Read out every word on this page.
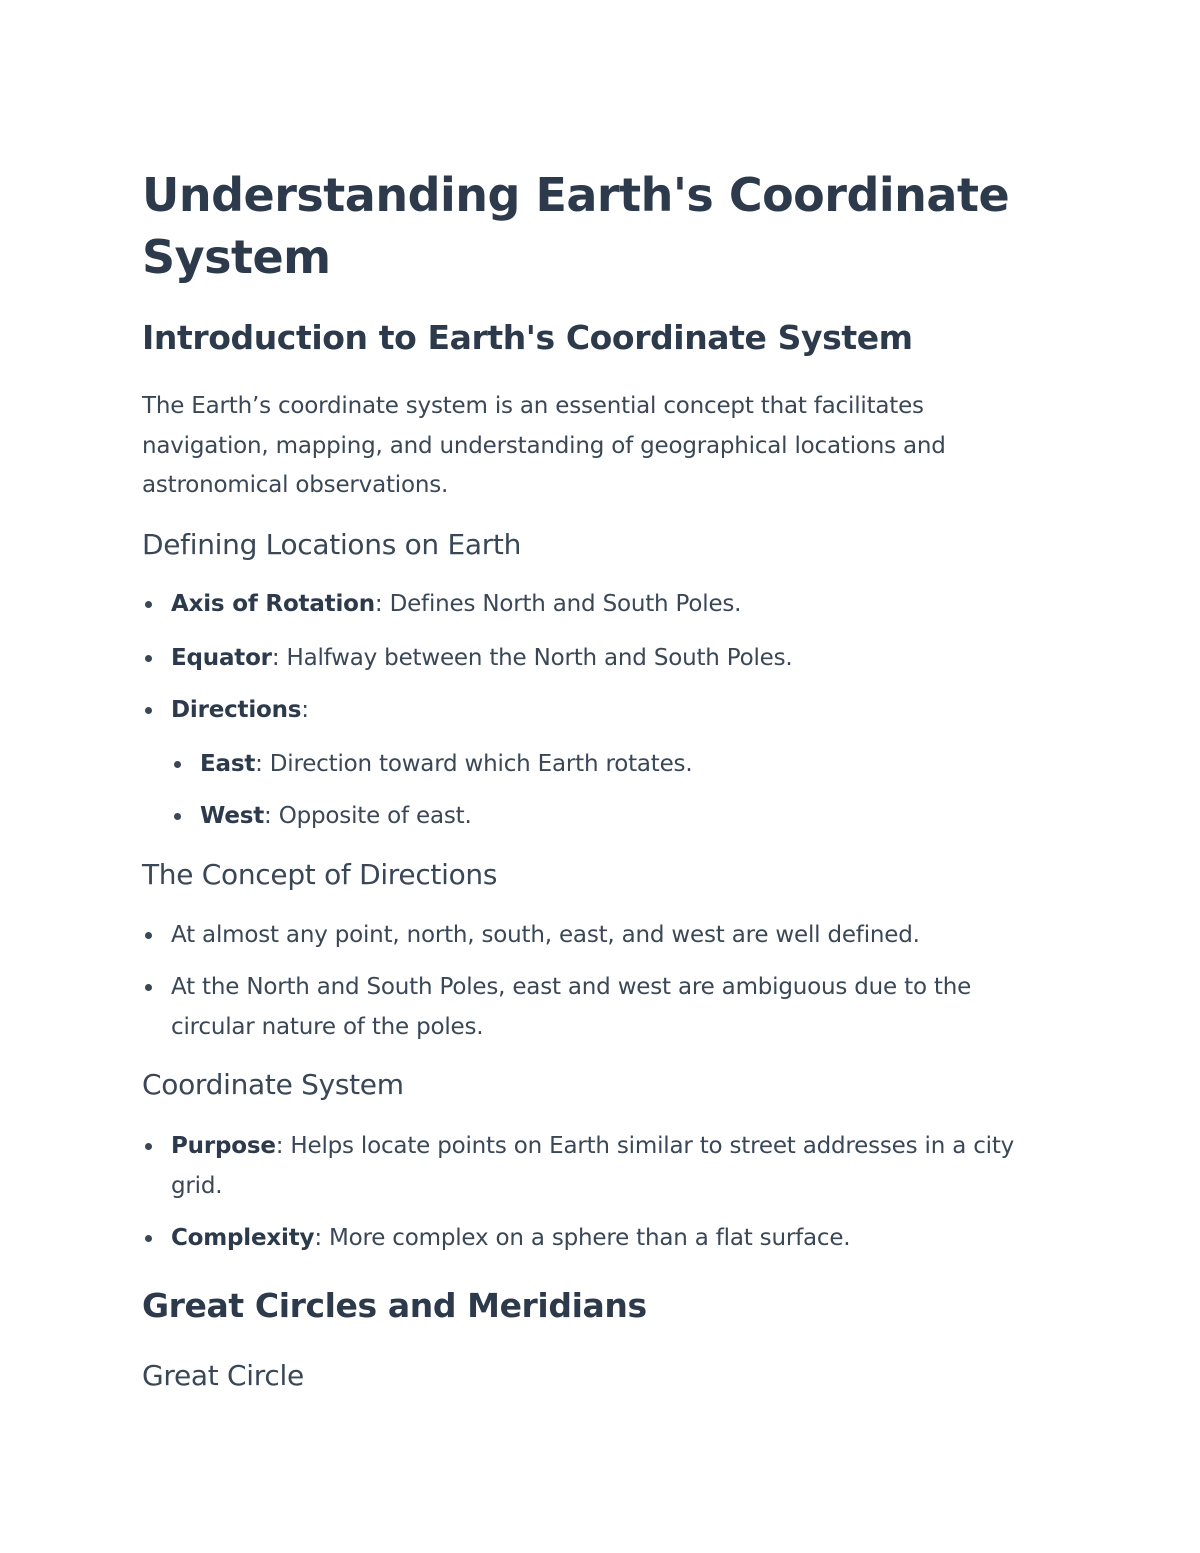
Understanding Earth's Coordinate System
Introduction to Earth's Coordinate System

The Earth’s coordinate system is an essential concept that facilitates navigation, mapping, and understanding of geographical locations and astronomical observations.

Defining Locations on Earth
Axis of Rotation: Defines North and South Poles.
Equator: Halfway between the North and South Poles.
Directions:
East: Direction toward which Earth rotates.
West: Opposite of east.
The Concept of Directions
At almost any point, north, south, east, and west are well defined.
At the North and South Poles, east and west are ambiguous due to the circular nature of the poles.
Coordinate System
Purpose: Helps locate points on Earth similar to street addresses in a city grid.
Complexity: More complex on a sphere than a flat surface.
Great Circles and Meridians
Great Circle
